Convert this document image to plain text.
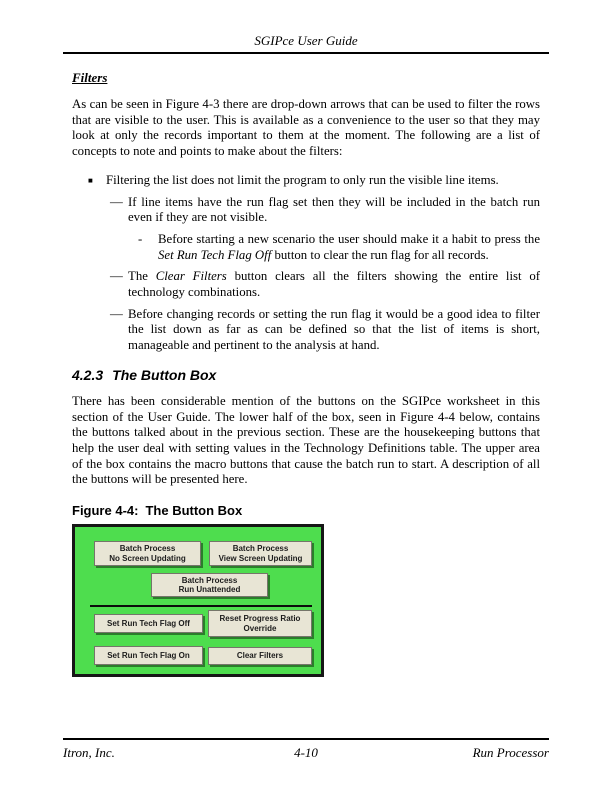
SGIPce User Guide
Filters

As can be seen in Figure 4-3 there are drop-down arrows that can be used to filter the rows that are visible to the user. This is available as a convenience to the user so that they may look at only the records important to them at the moment. The following are a list of concepts to note and points to make about the filters:

■	Filtering the list does not limit the program to only run the visible line items.
— If line items have the run flag set then they will be included in the batch run even if they are not visible.
-	Before starting a new scenario the user should make it a habit to press the Set Run Tech Flag Off button to clear the run flag for all records.
— The Clear Filters button clears all the filters showing the entire list of technology combinations.
— Before changing records or setting the run flag it would be a good idea to filter the list down as far as can be defined so that the list of items is short, manageable and pertinent to the analysis at hand.
4.2.3 The Button Box

There has been considerable mention of the buttons on the SGIPce worksheet in this section of the User Guide. The lower half of the box, seen in Figure 4-4 below, contains the buttons talked about in the previous section. These are the housekeeping buttons that help the user deal with setting values in the Technology Definitions table. The upper area of the box contains the macro buttons that cause the batch run to start. A description of all the buttons will be presented here.

Figure 4-4: The Button Box
Batch Process
No Screen Updating
Batch Process
View Screen Updating
Batch Process
Run Unattended
Set Run Tech Flag Off
Reset Progress Ratio
Override
Set Run Tech Flag On	Clear Filters
Itron, Inc.	4-10	Run Processor
